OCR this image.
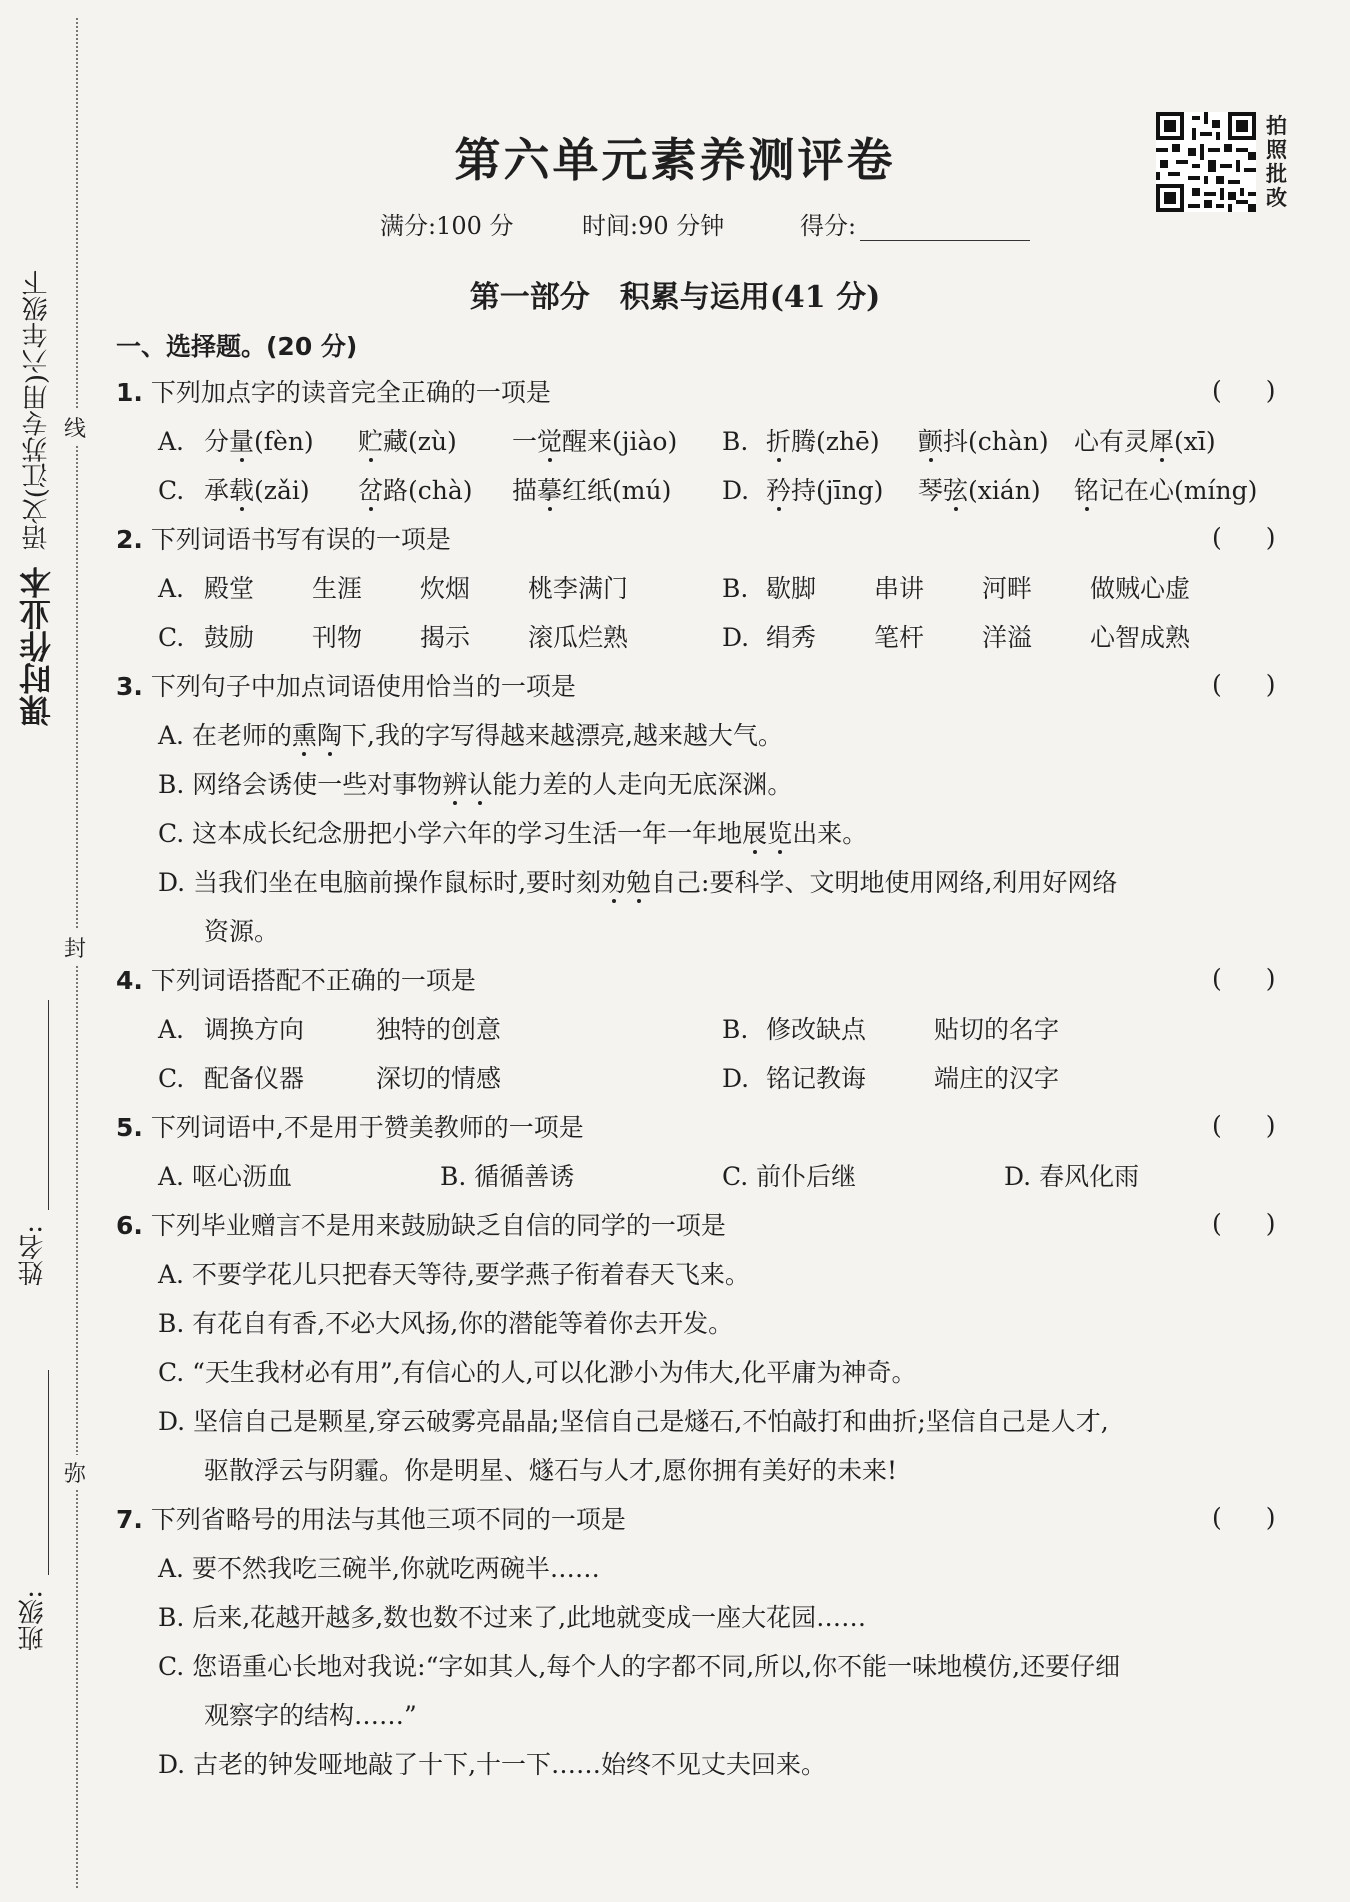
线
封
弥
课时作业本  语文(江苏专用)六年级下
姓名:
班级:
第六单元素养测评卷
满分:100 分	时间:90 分钟	得分:
拍
照
批
改
第一部分　积累与运用(41 分)
一、选择题。(20 分)
1. 下列加点字的读音完全正确的一项是	()
A. 分量(fèn) 贮藏(zù) 一觉醒来(jiào) B. 折腾(zhē) 颤抖(chàn) 心有灵犀(xī)
C. 承载(zǎi) 岔路(chà) 描摹红纸(mú) D. 矜持(jīng) 琴弦(xián) 铭记在心(míng)
2. 下列词语书写有误的一项是	()
A. 殿堂 生涯 炊烟 桃李满门	B. 歇脚 串讲 河畔 做贼心虚
C. 鼓励 刊物 揭示 滚瓜烂熟	D. 绢秀 笔杆 洋溢 心智成熟
3. 下列句子中加点词语使用恰当的一项是	()
A. 在老师的熏陶下,我的字写得越来越漂亮,越来越大气。
B. 网络会诱使一些对事物辨认能力差的人走向无底深渊。
C. 这本成长纪念册把小学六年的学习生活一年一年地展览出来。
D. 当我们坐在电脑前操作鼠标时,要时刻劝勉自己:要科学、文明地使用网络,利用好网络
资源。
4. 下列词语搭配不正确的一项是	()
A. 调换方向	独特的创意	B. 修改缺点	贴切的名字
C. 配备仪器	深切的情感	D. 铭记教诲	端庄的汉字
5. 下列词语中,不是用于赞美教师的一项是	()
A. 呕心沥血	B. 循循善诱	C. 前仆后继	D. 春风化雨
6. 下列毕业赠言不是用来鼓励缺乏自信的同学的一项是	()
A. 不要学花儿只把春天等待,要学燕子衔着春天飞来。
B. 有花自有香,不必大风扬,你的潜能等着你去开发。
C. “天生我材必有用”,有信心的人,可以化渺小为伟大,化平庸为神奇。
D. 坚信自己是颗星,穿云破雾亮晶晶;坚信自己是燧石,不怕敲打和曲折;坚信自己是人才,
驱散浮云与阴霾。你是明星、燧石与人才,愿你拥有美好的未来!
7. 下列省略号的用法与其他三项不同的一项是	()
A. 要不然我吃三碗半,你就吃两碗半……
B. 后来,花越开越多,数也数不过来了,此地就变成一座大花园……
C. 您语重心长地对我说:“字如其人,每个人的字都不同,所以,你不能一味地模仿,还要仔细
观察字的结构……”
D. 古老的钟发哑地敲了十下,十一下……始终不见丈夫回来。
